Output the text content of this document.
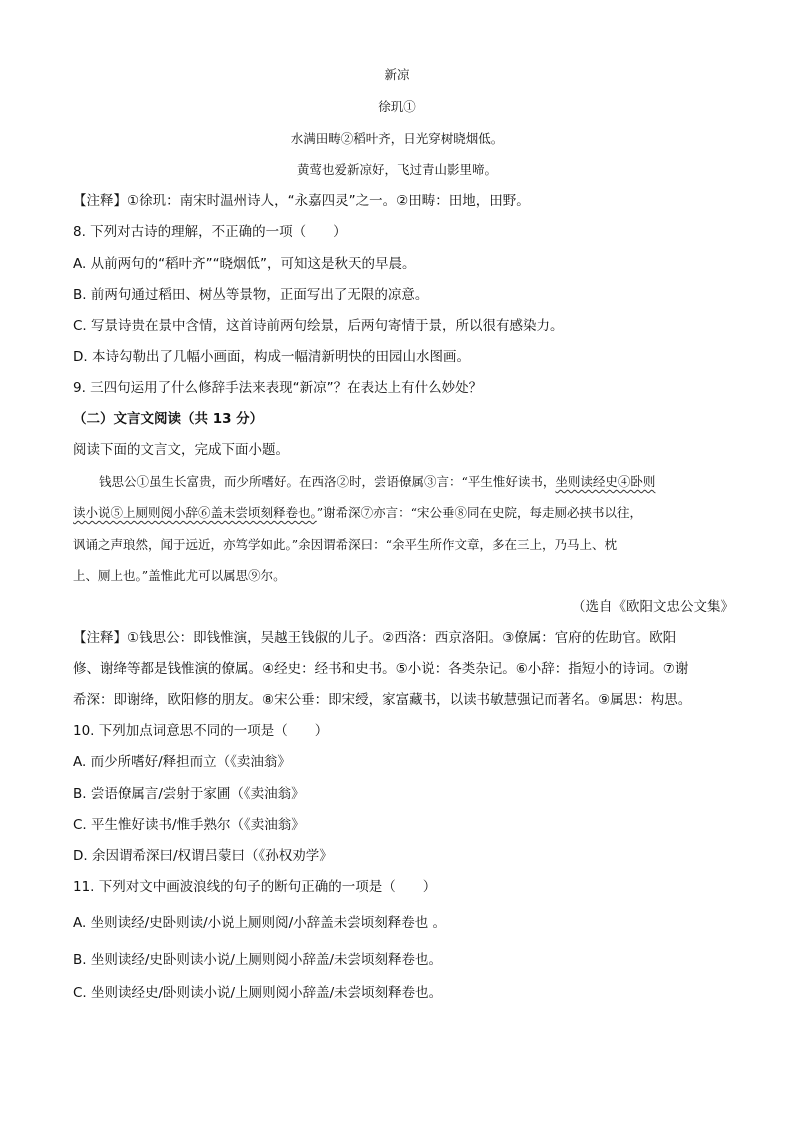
新凉
徐玑①
水满田畴②稻叶齐，日光穿树晓烟低。
黄莺也爱新凉好，飞过青山影里啼。
【注释】①徐玑：南宋时温州诗人，“永嘉四灵”之一。②田畴：田地，田野。
8. 下列对古诗的理解，不正确的一项（　　）
A. 从前两句的“稻叶齐”“晓烟低”，可知这是秋天的早晨。
B. 前两句通过稻田、树丛等景物，正面写出了无限的凉意。
C. 写景诗贵在景中含情，这首诗前两句绘景，后两句寄情于景，所以很有感染力。
D. 本诗勾勒出了几幅小画面，构成一幅清新明快的田园山水图画。
9. 三四句运用了什么修辞手法来表现“新凉”？在表达上有什么妙处？
（二）文言文阅读（共 13 分）
阅读下面的文言文，完成下面小题。
钱思公①虽生长富贵，而少所嗜好。在西洛②时，尝语僚属③言：“平生惟好读书，坐则读经史④卧则
读小说⑤上厕则阅小辞⑥盖未尝顷刻释卷也。”谢希深⑦亦言：“宋公垂⑧同在史院，每走厕必挟书以往，
讽诵之声琅然，闻于远近，亦笃学如此。”余因谓希深曰：“余平生所作文章，多在三上，乃马上、枕
上、厕上也。”盖惟此尤可以属思⑨尔。
（选自《欧阳文忠公文集》
【注释】①钱思公：即钱惟演，吴越王钱俶的儿子。②西洛：西京洛阳。③僚属：官府的佐助官。欧阳
修、谢绛等都是钱惟演的僚属。④经史：经书和史书。⑤小说：各类杂记。⑥小辞：指短小的诗词。⑦谢
希深：即谢绛，欧阳修的朋友。⑧宋公垂：即宋绶，家富藏书，以读书敏慧强记而著名。⑨属思：构思。
10. 下列加点词意思不同的一项是（　　）
A. 而少所嗜好/释担而立（《卖油翁》
B. 尝语僚属言/尝射于家圃（《卖油翁》
C. 平生惟好读书/惟手熟尔（《卖油翁》
D. 余因谓希深曰/权谓吕蒙曰（《孙权劝学》
11. 下列对文中画波浪线的句子的断句正确的一项是（　　）
A. 坐则读经/史卧则读/小说上厕则阅/小辞盖未尝顷刻释卷也 。
B. 坐则读经/史卧则读小说/上厕则阅小辞盖/未尝顷刻释卷也。
C. 坐则读经史/卧则读小说/上厕则阅小辞盖/未尝顷刻释卷也。
